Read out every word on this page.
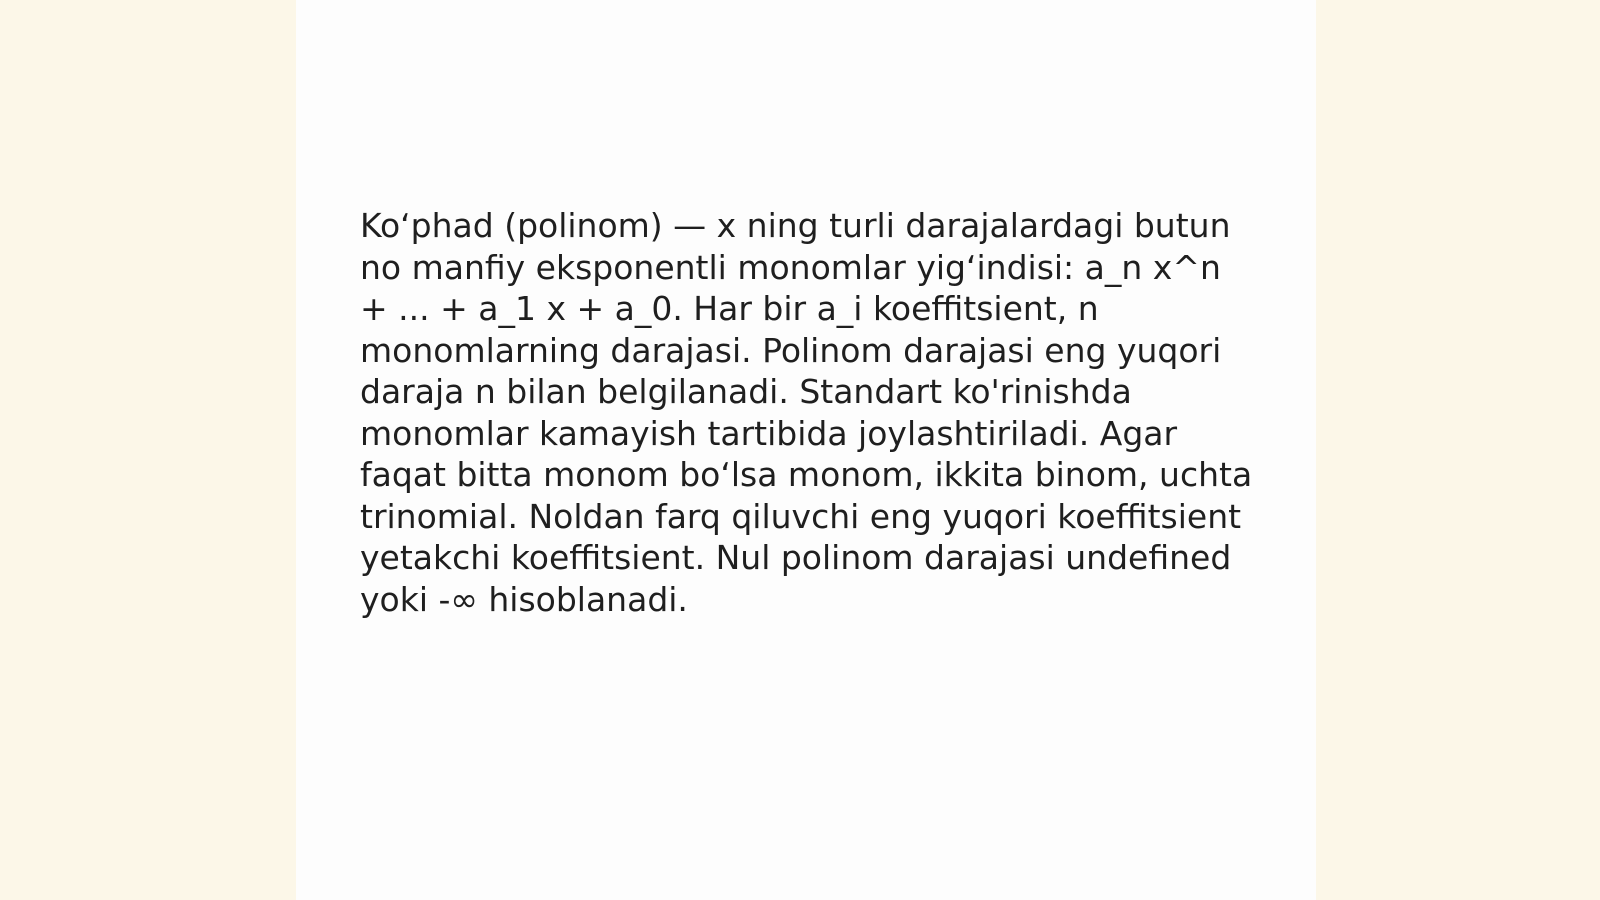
Ko‘phad (polinom) — x ning turli darajalardagi butun
no manfiy eksponentli monomlar yig‘indisi: a_n x^n
+ ... + a_1 x + a_0. Har bir a_i koeffitsient, n
monomlarning darajasi. Polinom darajasi eng yuqori
daraja n bilan belgilanadi. Standart ko'rinishda
monomlar kamayish tartibida joylashtiriladi. Agar
faqat bitta monom bo‘lsa monom, ikkita binom, uchta
trinomial. Noldan farq qiluvchi eng yuqori koeffitsient
yetakchi koeffitsient. Nul polinom darajasi undefined
yoki -∞ hisoblanadi.
